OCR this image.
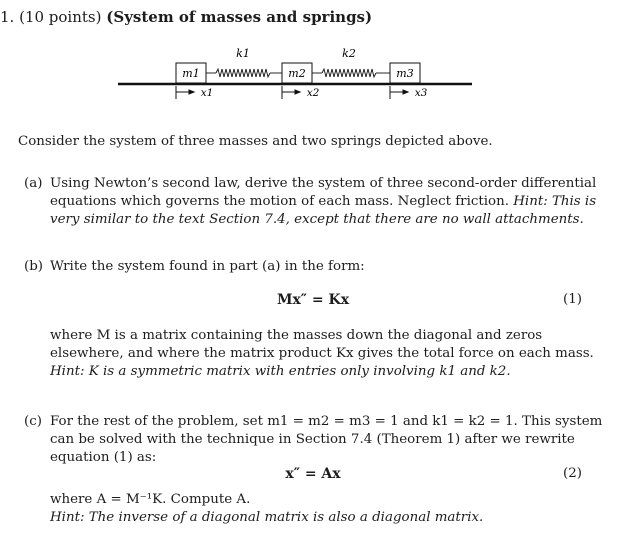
1. (10 points) (System of masses and springs)
m1	m2	m3
k1	k2
x1	x2	x3
Consider the system of three masses and two springs depicted above.
(a) Using Newton’s second law, derive the system of three second-order differential equations which governs the motion of each mass. Neglect friction. Hint: This is very similar to the text Section 7.4, except that there are no wall attachments.
(b) Write the system found in part (a) in the form:
Mx″ = Kx	(1)
where M is a matrix containing the masses down the diagonal and zeros elsewhere, and where the matrix product Kx gives the total force on each mass.
Hint: K is a symmetric matrix with entries only involving k1 and k2.
(c) For the rest of the problem, set m1 = m2 = m3 = 1 and k1 = k2 = 1. This system can be solved with the technique in Section 7.4 (Theorem 1) after we rewrite equation (1) as:
x″ = Ax	(2)
where A = M⁻¹K. Compute A.
Hint: The inverse of a diagonal matrix is also a diagonal matrix.
